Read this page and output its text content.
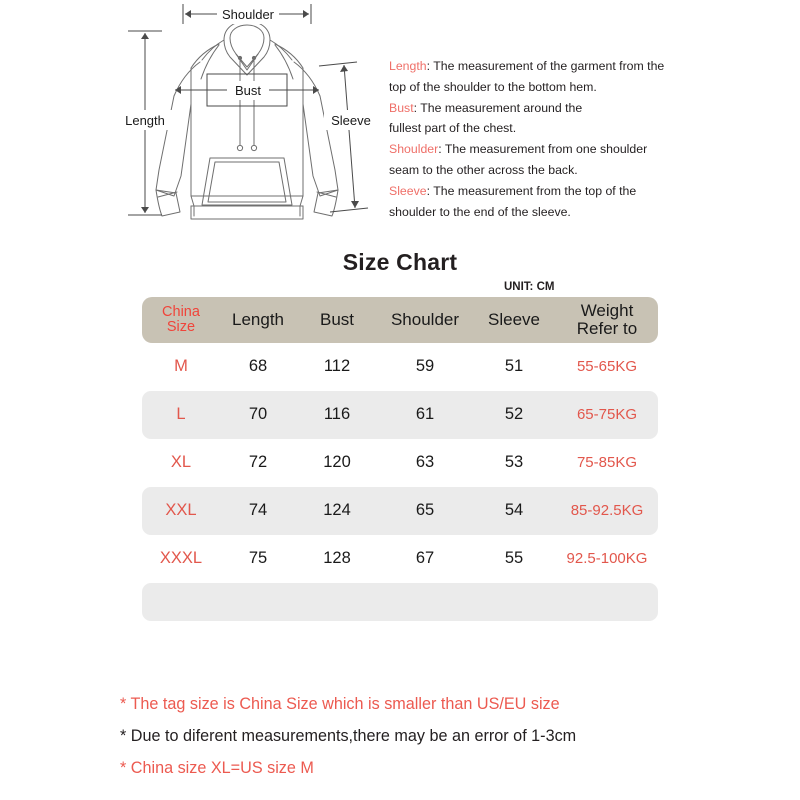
Shoulder
Length
Bust
Sleeve
Length: The measurement of the garment from the
top of the shoulder to the bottom hem.
Bust: The measurement around the
fullest part of the chest.
Shoulder: The measurement from one shoulder
seam to the other across the back.
Sleeve: The measurement from the top of the
shoulder to the end of the sleeve.
Size Chart
UNIT: CM
China
Size	Length	Bust	Shoulder	Sleeve	Weight
Refer to
M	68	112	59	51	55-65KG
L	70	116	61	52	65-75KG
XL	72	120	63	53	75-85KG
XXL	74	124	65	54	85-92.5KG
XXXL	75	128	67	55	92.5-100KG
* The tag size is China Size which is smaller than US/EU size
* Due to diferent measurements,there may be an error of 1-3cm
* China size XL=US size M
